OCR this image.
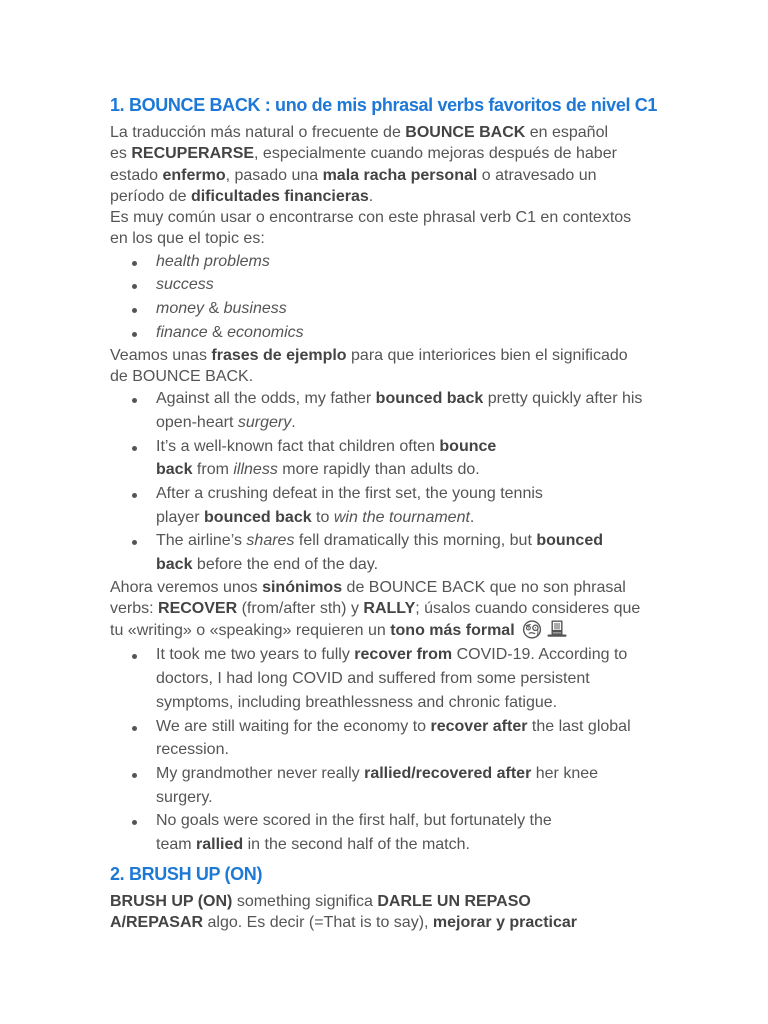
1. BOUNCE BACK : uno de mis phrasal verbs favoritos de nivel C1

La traducción más natural o frecuente de BOUNCE BACK en español
es RECUPERARSE, especialmente cuando mejoras después de haber
estado enfermo, pasado una mala racha personal o atravesado un
período de dificultades financieras.

Es muy común usar o encontrarse con este phrasal verb C1 en contextos
en los que el topic es:

health problems
success
money & business
finance & economics

Veamos unas frases de ejemplo para que interiorices bien el significado
de BOUNCE BACK.

Against all the odds, my father bounced back pretty quickly after his
open-heart surgery.
It’s a well-known fact that children often bounce
back from illness more rapidly than adults do.
After a crushing defeat in the first set, the young tennis
player bounced back to win the tournament.
The airline’s shares fell dramatically this morning, but bounced
back before the end of the day.

Ahora veremos unos sinónimos de BOUNCE BACK que no son phrasal
verbs: RECOVER (from/after sth) y RALLY; úsalos cuando consideres que
tu «writing» o «speaking» requieren un tono más formal

It took me two years to fully recover from COVID-19. According to
doctors, I had long COVID and suffered from some persistent
symptoms, including breathlessness and chronic fatigue.
We are still waiting for the economy to recover after the last global
recession.
My grandmother never really rallied/recovered after her knee
surgery.
No goals were scored in the first half, but fortunately the
team rallied in the second half of the match.
2. BRUSH UP (ON)

BRUSH UP (ON) something significa DARLE UN REPASO
A/REPASAR algo. Es decir (=That is to say), mejorar y practicar
